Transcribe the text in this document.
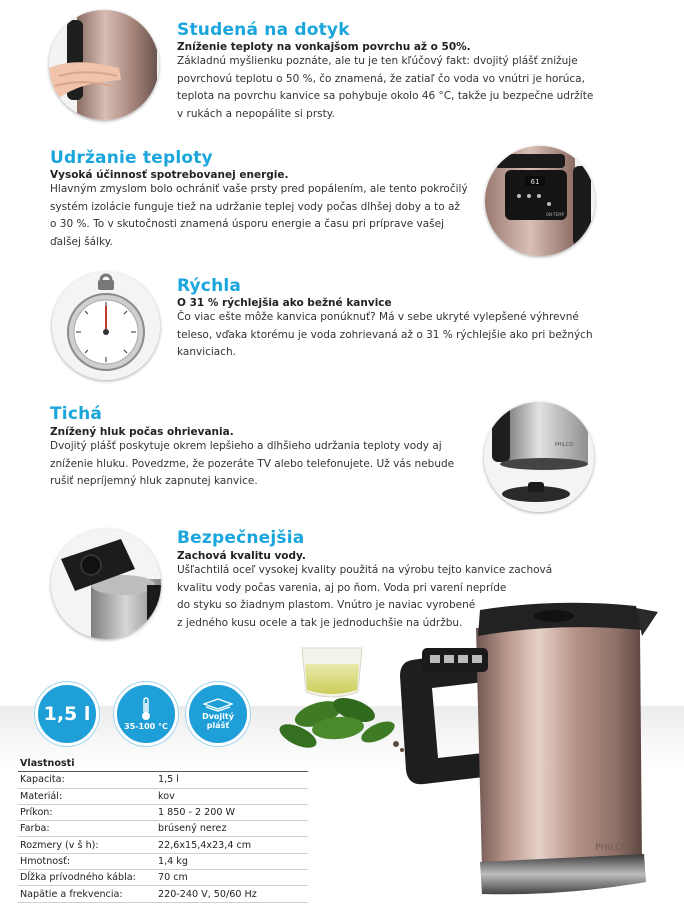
Studená na dotyk
Zníženie teploty na vonkajšom povrchu až o 50%.
Základnú myšlienku poznáte, ale tu je ten kľúčový fakt: dvojitý plášť znižuje
povrchovú teplotu o 50 %, čo znamená, že zatiaľ čo voda vo vnútri je horúca,
teplota na povrchu kanvice sa pohybuje okolo 46 °C, takže ju bezpečne udržíte
v rukách a nepopálite si prsty.
Udržanie teploty
Vysoká účinnosť spotrebovanej energie.
Hlavným zmyslom bolo ochrániť vaše prsty pred popálením, ale tento pokročilý
systém izolácie funguje tiež na udržanie teplej vody počas dlhšej doby a to až
o 30 %. To v skutočnosti znamená úsporu energie a času pri príprave vašej
ďalšej šálky.
61
ON-TEMP
Rýchla
O 31 % rýchlejšia ako bežné kanvice
Čo viac ešte môže kanvica ponúknuť? Má v sebe ukryté vylepšené výhrevné
teleso, vďaka ktorému je voda zohrievaná až o 31 % rýchlejšie ako pri bežných
kanviciach.
Tichá
Znížený hluk počas ohrievania.
Dvojitý plášť poskytuje okrem lepšieho a dlhšieho udržania teploty vody aj
zníženie hluku. Povedzme, že pozeráte TV alebo telefonujete. Už vás nebude
rušiť nepríjemný hluk zapnutej kanvice.
PHILCO
Bezpečnejšia
Zachová kvalitu vody.
Ušľachtilá oceľ vysokej kvality použitá na výrobu tejto kanvice zachová
kvalitu vody počas varenia, aj po ňom. Voda pri varení nepríde
do styku so žiadnym plastom. Vnútro je naviac vyrobené
z jedného kusu ocele a tak je jednoduchšie na údržbu.
1,5 l
35-100 °C
Dvojitý plášť
PHILCO
Vlastnosti	
Kapacita:	1,5 l
Materiál:	kov
Príkon:	1 850 - 2 200 W
Farba:	brúsený nerez
Rozmery (v š h):	22,6x15,4x23,4 cm
Hmotnosť:	1,4 kg
Dĺžka prívodného kábla:	70 cm
Napätie a frekvencia:	220-240 V, 50/60 Hz
